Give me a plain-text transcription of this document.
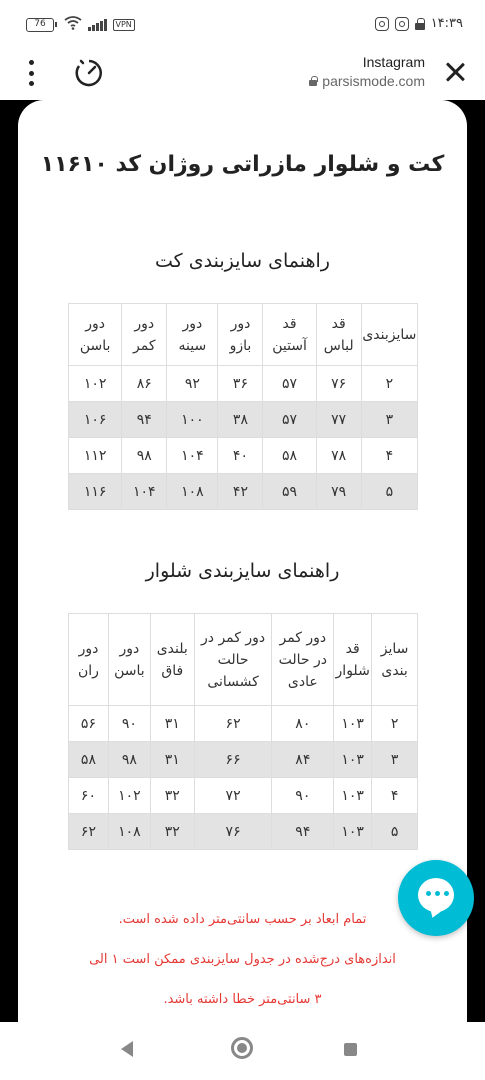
76	VPN	۱۴:۳۹
Instagram
parsismode.com
کت و شلوار مازراتی روژان کد ۱۱۶۱۰
راهنمای سایزبندی کت
سایزبندی	قد لباس	قد آستین	دور بازو	دور سینه	دور کمر	دور باسن
۲	۷۶	۵۷	۳۶	۹۲	۸۶	۱۰۲
۳	۷۷	۵۷	۳۸	۱۰۰	۹۴	۱۰۶
۴	۷۸	۵۸	۴۰	۱۰۴	۹۸	۱۱۲
۵	۷۹	۵۹	۴۲	۱۰۸	۱۰۴	۱۱۶
راهنمای سایزبندی شلوار
سایز بندی	قد شلوار	دور کمر در حالت عادی	دور کمر در حالت کشسانی	بلندی فاق	دور باسن	دور ران
۲	۱۰۳	۸۰	۶۲	۳۱	۹۰	۵۶
۳	۱۰۳	۸۴	۶۶	۳۱	۹۸	۵۸
۴	۱۰۳	۹۰	۷۲	۳۲	۱۰۲	۶۰
۵	۱۰۳	۹۴	۷۶	۳۲	۱۰۸	۶۲
تمام ابعاد بر حسب سانتی‌متر داده شده است.
اندازه‌های درج‌شده در جدول سایزبندی ممکن است ۱ الی
۳ سانتی‌متر خطا داشته باشد.
